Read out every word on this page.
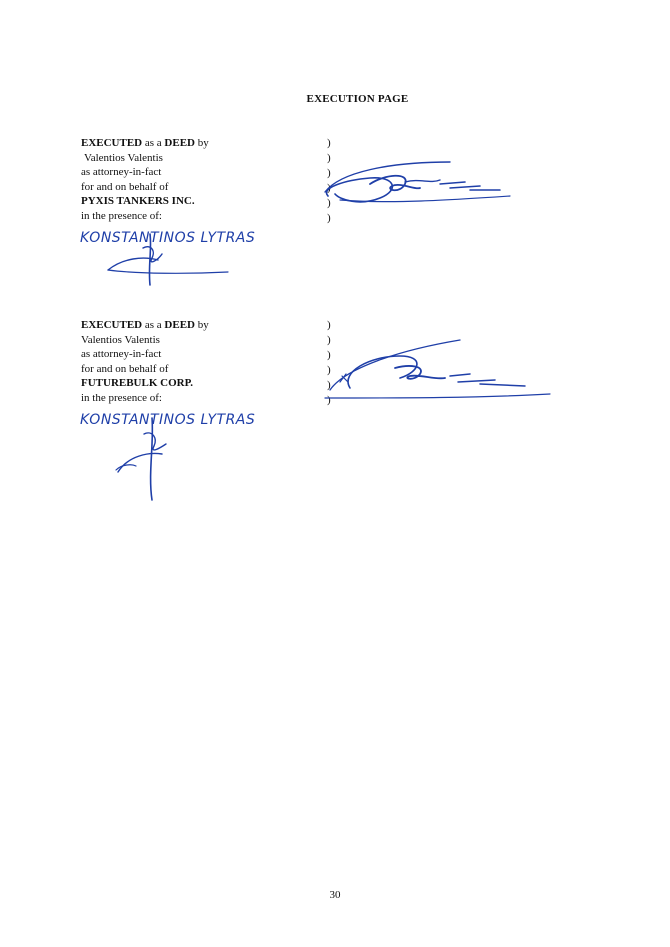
EXECUTION PAGE
EXECUTED as a DEED by
Valentios Valentis
as attorney-in-fact
for and on behalf of
PYXIS TANKERS INC.
in the presence of:
)
)
)
)
)
)
KONSTANTINOS LYTRAS
EXECUTED as a DEED by
Valentios Valentis
as attorney-in-fact
for and on behalf of
FUTUREBULK CORP.
in the presence of:
)
)
)
)
)
)
KONSTANTINOS LYTRAS
30
